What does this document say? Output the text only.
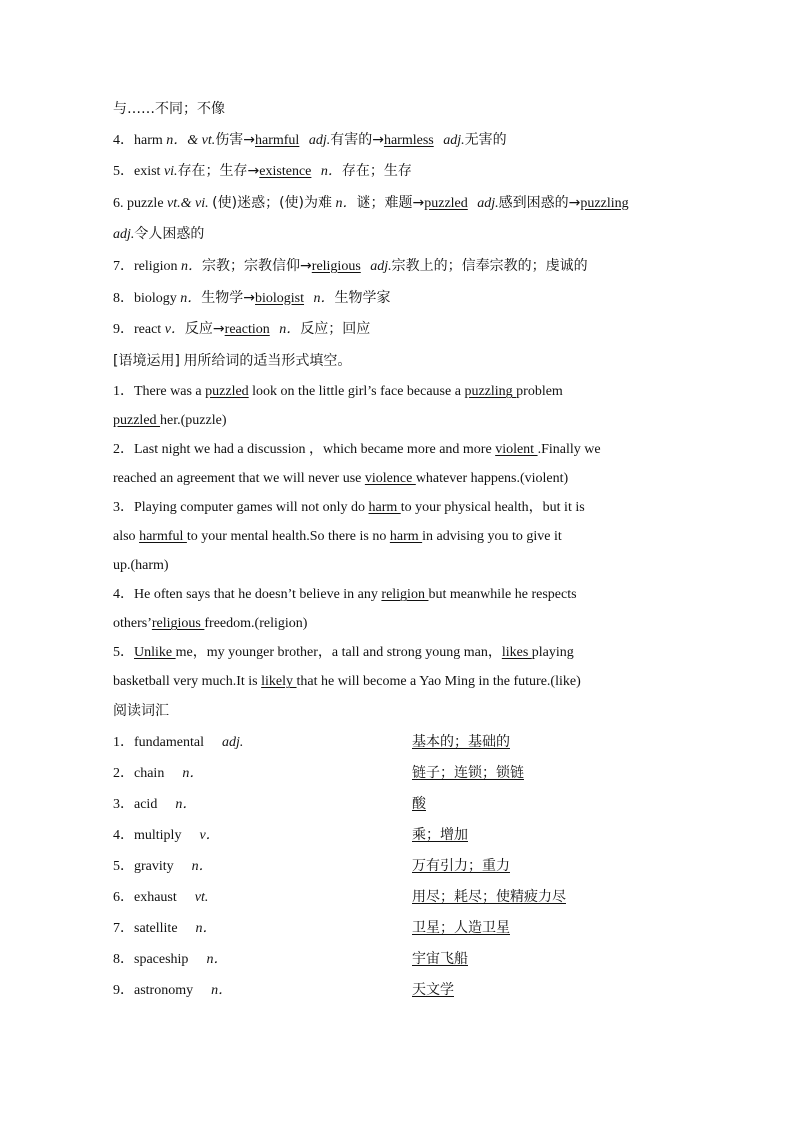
与……不同；不像
4．harm n．& vt.伤害→harmful adj.有害的→harmless adj.无害的
5．exist vi.存在；生存→existence n．存在；生存
6. puzzle vt.& vi. (使)迷惑；(使)为难 n．谜；难题→puzzled adj.感到困惑的→puzzling
adj.令人困惑的
7．religion n．宗教；宗教信仰→religious adj.宗教上的；信奉宗教的；虔诚的
8．biology n．生物学→biologist n．生物学家
9．react v．反应→reaction n．反应；回应
[语境运用] 用所给词的适当形式填空。
1．There was a puzzled look on the little girl’s face because a puzzling problem
puzzled her.(puzzle)
2．Last night we had a discussion ，which became more and more violent .Finally we
reached an agreement that we will never use violence whatever happens.(violent)
3．Playing computer games will not only do harm to your physical health，but it is
also harmful to your mental health.So there is no harm in advising you to give it
up.(harm)
4．He often says that he doesn’t believe in any religion but meanwhile he respects
others’religious freedom.(religion)
5．Unlike me，my younger brother，a tall and strong young man，likes playing
basketball very much.It is likely that he will become a Yao Ming in the future.(like)
阅读词汇
1．fundamental adj.	基本的；基础的
2．chain n．	链子；连锁；锁链
3．acid n．	酸
4．multiply v．	乘；增加
5．gravity n．	万有引力；重力
6．exhaust vt.	用尽；耗尽；使精疲力尽
7．satellite n．	卫星；人造卫星
8．spaceship n．	宇宙飞船
9．astronomy n．	天文学
